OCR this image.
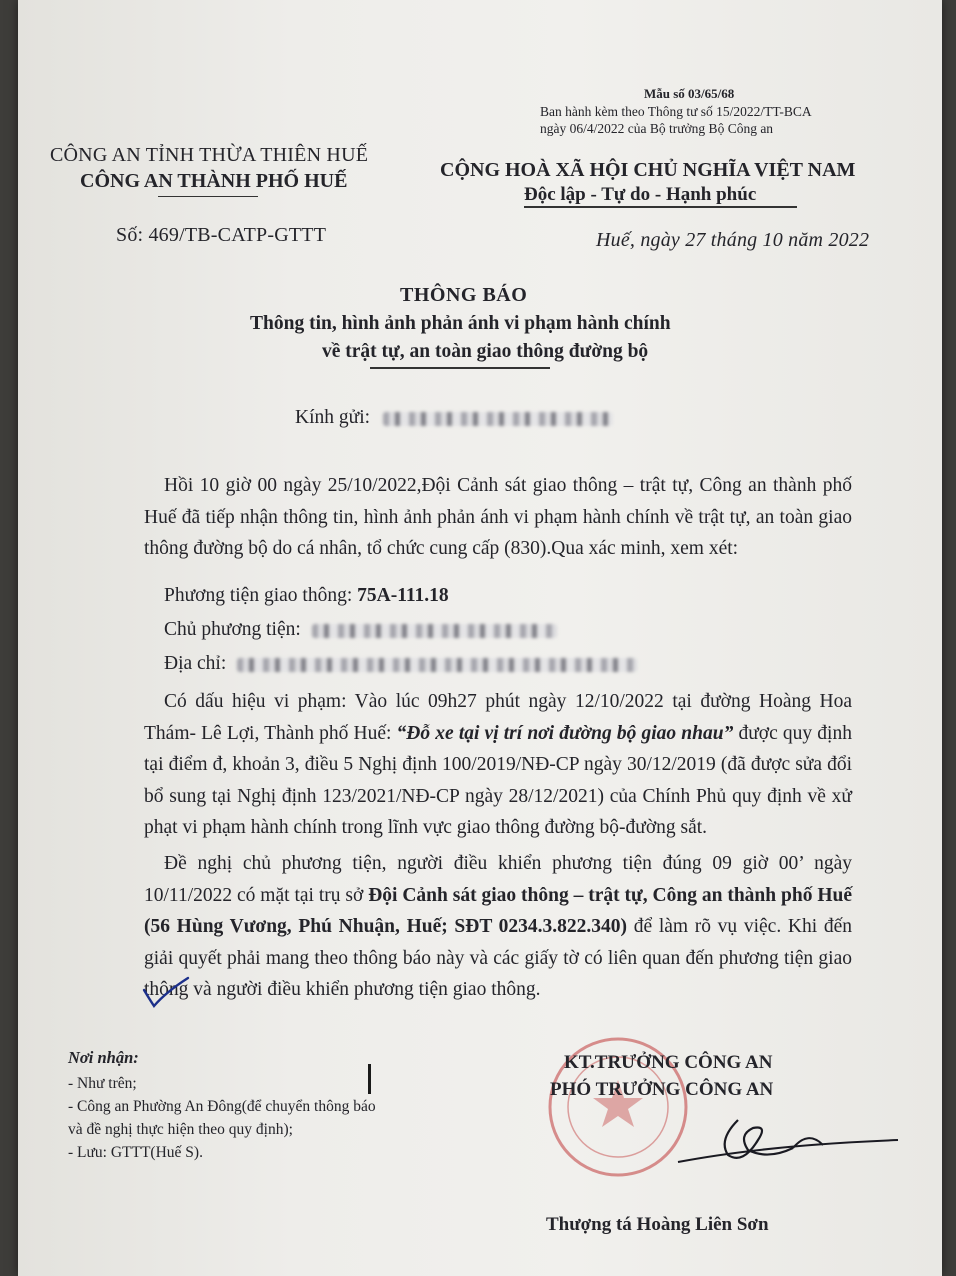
Mẫu số 03/65/68
Ban hành kèm theo Thông tư số 15/2022/TT-BCA
ngày 06/4/2022 của Bộ trưởng Bộ Công an
CÔNG AN TỈNH THỪA THIÊN HUẾ
CÔNG AN THÀNH PHỐ HUẾ
Số: 469/TB-CATP-GTTT
CỘNG HOÀ XÃ HỘI CHỦ NGHĨA VIỆT NAM
Độc lập - Tự do - Hạnh phúc
Huế, ngày 27 tháng 10 năm 2022
THÔNG BÁO
Thông tin, hình ảnh phản ánh vi phạm hành chính
về trật tự, an toàn giao thông đường bộ
Kính gửi:
Hồi 10 giờ 00 ngày 25/10/2022,Đội Cảnh sát giao thông – trật tự, Công an thành phố Huế đã tiếp nhận thông tin, hình ảnh phản ánh vi phạm hành chính về trật tự, an toàn giao thông đường bộ do cá nhân, tổ chức cung cấp (830).Qua xác minh, xem xét:
Phương tiện giao thông: 75A-111.18
Chủ phương tiện:
Địa chỉ:
Có dấu hiệu vi phạm: Vào lúc 09h27 phút ngày 12/10/2022 tại đường Hoàng Hoa Thám- Lê Lợi, Thành phố Huế: “Đỗ xe tại vị trí nơi đường bộ giao nhau” được quy định tại điểm đ, khoản 3, điều 5 Nghị định 100/2019/NĐ-CP ngày 30/12/2019 (đã được sửa đổi bổ sung tại Nghị định 123/2021/NĐ-CP ngày 28/12/2021) của Chính Phủ quy định về xử phạt vi phạm hành chính trong lĩnh vực giao thông đường bộ-đường sắt.
Đề nghị chủ phương tiện, người điều khiển phương tiện đúng 09 giờ 00’ ngày 10/11/2022 có mặt tại trụ sở Đội Cảnh sát giao thông – trật tự, Công an thành phố Huế (56 Hùng Vương, Phú Nhuận, Huế; SĐT 0234.3.822.340) để làm rõ vụ việc. Khi đến giải quyết phải mang theo thông báo này và các giấy tờ có liên quan đến phương tiện giao thông và người điều khiển phương tiện giao thông.
Nơi nhận:
- Như trên;
- Công an Phường An Đông(để chuyển thông báo
và đề nghị thực hiện theo quy định);
- Lưu: GTTT(Huế S).
KT.TRƯỞNG CÔNG AN
PHÓ TRƯỞNG CÔNG AN
Thượng tá Hoàng Liên Sơn
